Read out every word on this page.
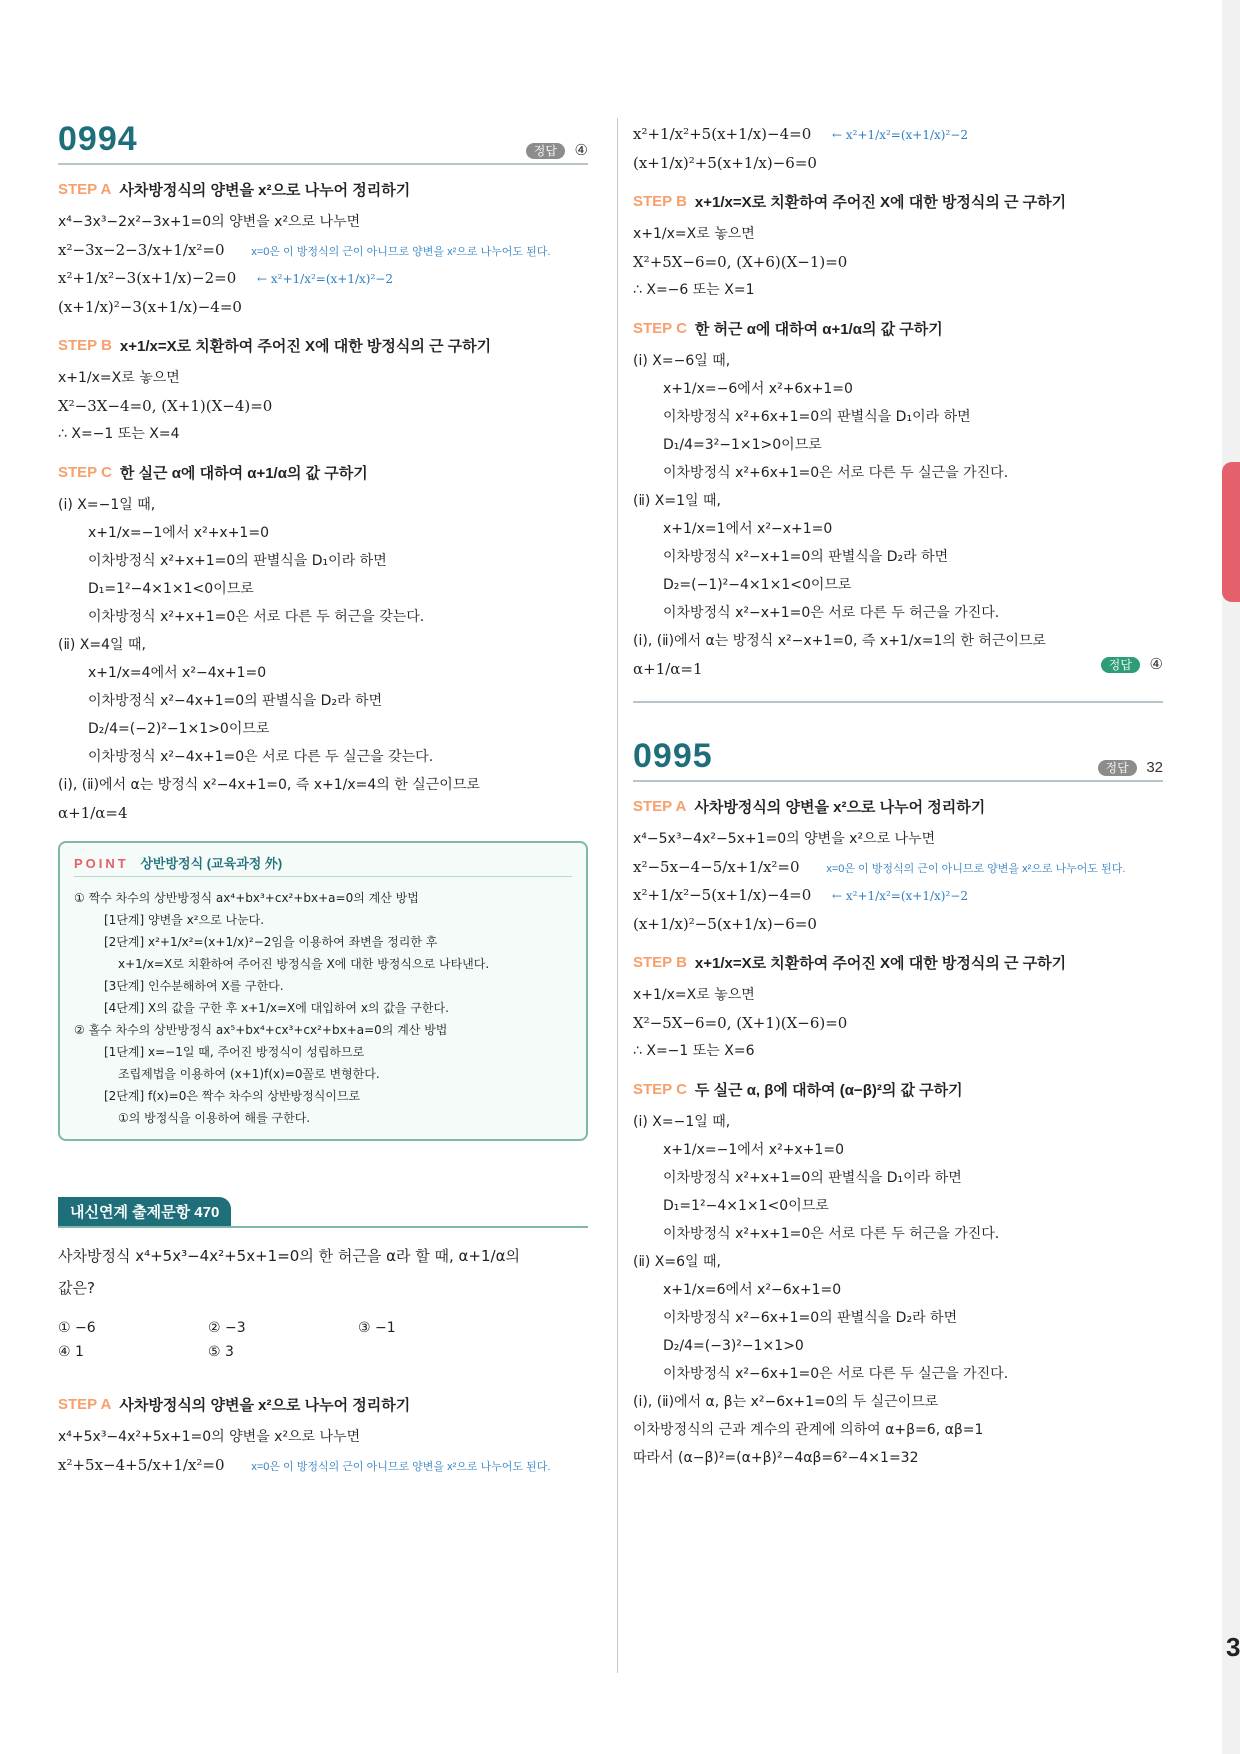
3
0994	정답 ④
STEP A 사차방정식의 양변을 x²으로 나누어 정리하기
x⁴−3x³−2x²−3x+1=0의 양변을 x²으로 나누면
x²−3x−2−3/x+1/x²=0 x=0은 이 방정식의 근이 아니므로 양변을 x²으로 나누어도 된다.
x²+1/x²−3(x+1/x)−2=0 ← x²+1/x²=(x+1/x)²−2
(x+1/x)²−3(x+1/x)−4=0
STEP B x+1/x=X로 치환하여 주어진 X에 대한 방정식의 근 구하기
x+1/x=X로 놓으면
X²−3X−4=0, (X+1)(X−4)=0
∴ X=−1 또는 X=4
STEP C 한 실근 α에 대하여 α+1/α의 값 구하기
(ⅰ) X=−1일 때,
x+1/x=−1에서 x²+x+1=0
이차방정식 x²+x+1=0의 판별식을 D₁이라 하면
D₁=1²−4×1×1<0이므로
이차방정식 x²+x+1=0은 서로 다른 두 허근을 갖는다.
(ⅱ) X=4일 때,
x+1/x=4에서 x²−4x+1=0
이차방정식 x²−4x+1=0의 판별식을 D₂라 하면
D₂/4=(−2)²−1×1>0이므로
이차방정식 x²−4x+1=0은 서로 다른 두 실근을 갖는다.
(ⅰ), (ⅱ)에서 α는 방정식 x²−4x+1=0, 즉 x+1/x=4의 한 실근이므로
α+1/α=4
POINT 상반방정식 (교육과정 外)
① 짝수 차수의 상반방정식 ax⁴+bx³+cx²+bx+a=0의 계산 방법
[1단계] 양변을 x²으로 나눈다.
[2단계] x²+1/x²=(x+1/x)²−2임을 이용하여 좌변을 정리한 후
x+1/x=X로 치환하여 주어진 방정식을 X에 대한 방정식으로 나타낸다.
[3단계] 인수분해하여 X를 구한다.
[4단계] X의 값을 구한 후 x+1/x=X에 대입하여 x의 값을 구한다.
② 홀수 차수의 상반방정식 ax⁵+bx⁴+cx³+cx²+bx+a=0의 계산 방법
[1단계] x=−1일 때, 주어진 방정식이 성립하므로
조립제법을 이용하여 (x+1)f(x)=0꼴로 변형한다.
[2단계] f(x)=0은 짝수 차수의 상반방정식이므로
①의 방정식을 이용하여 해를 구한다.
내신연계 출제문항 470
사차방정식 x⁴+5x³−4x²+5x+1=0의 한 허근을 α라 할 때, α+1/α의
값은?
① −6	② −3	③ −1
④ 1	⑤ 3
STEP A 사차방정식의 양변을 x²으로 나누어 정리하기
x⁴+5x³−4x²+5x+1=0의 양변을 x²으로 나누면
x²+5x−4+5/x+1/x²=0 x=0은 이 방정식의 근이 아니므로 양변을 x²으로 나누어도 된다.
x²+1/x²+5(x+1/x)−4=0 ← x²+1/x²=(x+1/x)²−2
(x+1/x)²+5(x+1/x)−6=0
STEP B x+1/x=X로 치환하여 주어진 X에 대한 방정식의 근 구하기
x+1/x=X로 놓으면
X²+5X−6=0, (X+6)(X−1)=0
∴ X=−6 또는 X=1
STEP C 한 허근 α에 대하여 α+1/α의 값 구하기
(ⅰ) X=−6일 때,
x+1/x=−6에서 x²+6x+1=0
이차방정식 x²+6x+1=0의 판별식을 D₁이라 하면
D₁/4=3²−1×1>0이므로
이차방정식 x²+6x+1=0은 서로 다른 두 실근을 가진다.
(ⅱ) X=1일 때,
x+1/x=1에서 x²−x+1=0
이차방정식 x²−x+1=0의 판별식을 D₂라 하면
D₂=(−1)²−4×1×1<0이므로
이차방정식 x²−x+1=0은 서로 다른 두 허근을 가진다.
(ⅰ), (ⅱ)에서 α는 방정식 x²−x+1=0, 즉 x+1/x=1의 한 허근이므로
α+1/α=1	정답 ④
0995	정답 32
STEP A 사차방정식의 양변을 x²으로 나누어 정리하기
x⁴−5x³−4x²−5x+1=0의 양변을 x²으로 나누면
x²−5x−4−5/x+1/x²=0 x=0은 이 방정식의 근이 아니므로 양변을 x²으로 나누어도 된다.
x²+1/x²−5(x+1/x)−4=0 ← x²+1/x²=(x+1/x)²−2
(x+1/x)²−5(x+1/x)−6=0
STEP B x+1/x=X로 치환하여 주어진 X에 대한 방정식의 근 구하기
x+1/x=X로 놓으면
X²−5X−6=0, (X+1)(X−6)=0
∴ X=−1 또는 X=6
STEP C 두 실근 α, β에 대하여 (α−β)²의 값 구하기
(ⅰ) X=−1일 때,
x+1/x=−1에서 x²+x+1=0
이차방정식 x²+x+1=0의 판별식을 D₁이라 하면
D₁=1²−4×1×1<0이므로
이차방정식 x²+x+1=0은 서로 다른 두 허근을 가진다.
(ⅱ) X=6일 때,
x+1/x=6에서 x²−6x+1=0
이차방정식 x²−6x+1=0의 판별식을 D₂라 하면
D₂/4=(−3)²−1×1>0
이차방정식 x²−6x+1=0은 서로 다른 두 실근을 가진다.
(ⅰ), (ⅱ)에서 α, β는 x²−6x+1=0의 두 실근이므로
이차방정식의 근과 계수의 관계에 의하여 α+β=6, αβ=1
따라서 (α−β)²=(α+β)²−4αβ=6²−4×1=32
